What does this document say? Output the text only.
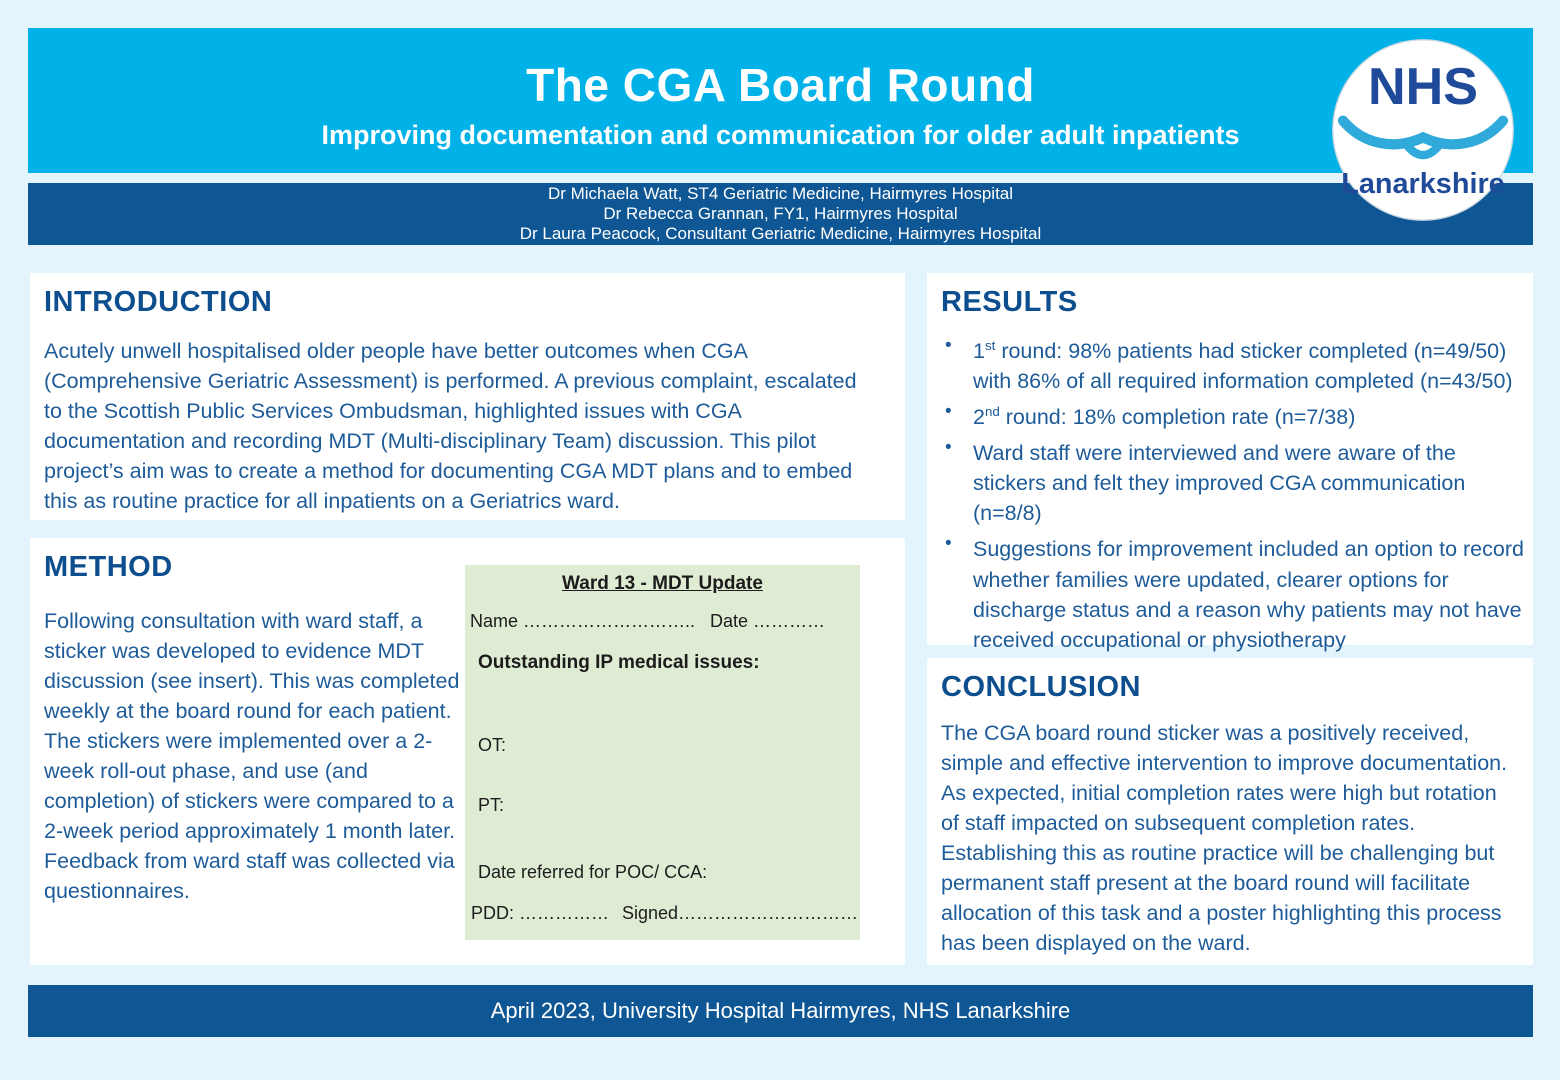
The CGA Board Round
Improving documentation and communication for older adult inpatients
Dr Michaela Watt, ST4 Geriatric Medicine, Hairmyres Hospital
Dr Rebecca Grannan, FY1, Hairmyres Hospital
Dr Laura Peacock, Consultant Geriatric Medicine, Hairmyres Hospital
NHS
Lanarkshire
INTRODUCTION
Acutely unwell hospitalised older people have better outcomes when CGA (Comprehensive Geriatric Assessment) is performed. A previous complaint, escalated to the Scottish Public Services Ombudsman, highlighted issues with CGA documentation and recording MDT (Multi-disciplinary Team) discussion. This pilot project’s aim was to create a method for documenting CGA MDT plans and to embed this as routine practice for all inpatients on a Geriatrics ward.
METHOD
Following consultation with ward staff, a sticker was developed to evidence MDT discussion (see insert). This was completed weekly at the board round for each patient. The stickers were implemented over a 2-week roll-out phase, and use (and completion) of stickers were compared to a 2-week period approximately 1 month later. Feedback from ward staff was collected via questionnaires.
Ward 13 - MDT Update
Name ……………………….. Date …………
Outstanding IP medical issues:
OT:
PT:
Date referred for POC/ CCA:
PDD: …………… Signed…………………………
RESULTS
• 1st round: 98% patients had sticker completed (n=49/50) with 86% of all required information completed (n=43/50)
• 2nd round: 18% completion rate (n=7/38)
• Ward staff were interviewed and were aware of the stickers and felt they improved CGA communication (n=8/8)
• Suggestions for improvement included an option to record whether families were updated, clearer options for discharge status and a reason why patients may not have received occupational or physiotherapy
CONCLUSION
The CGA board round sticker was a positively received, simple and effective intervention to improve documentation. As expected, initial completion rates were high but rotation of staff impacted on subsequent completion rates. Establishing this as routine practice will be challenging but permanent staff present at the board round will facilitate allocation of this task and a poster highlighting this process has been displayed on the ward.
April 2023, University Hospital Hairmyres, NHS Lanarkshire
